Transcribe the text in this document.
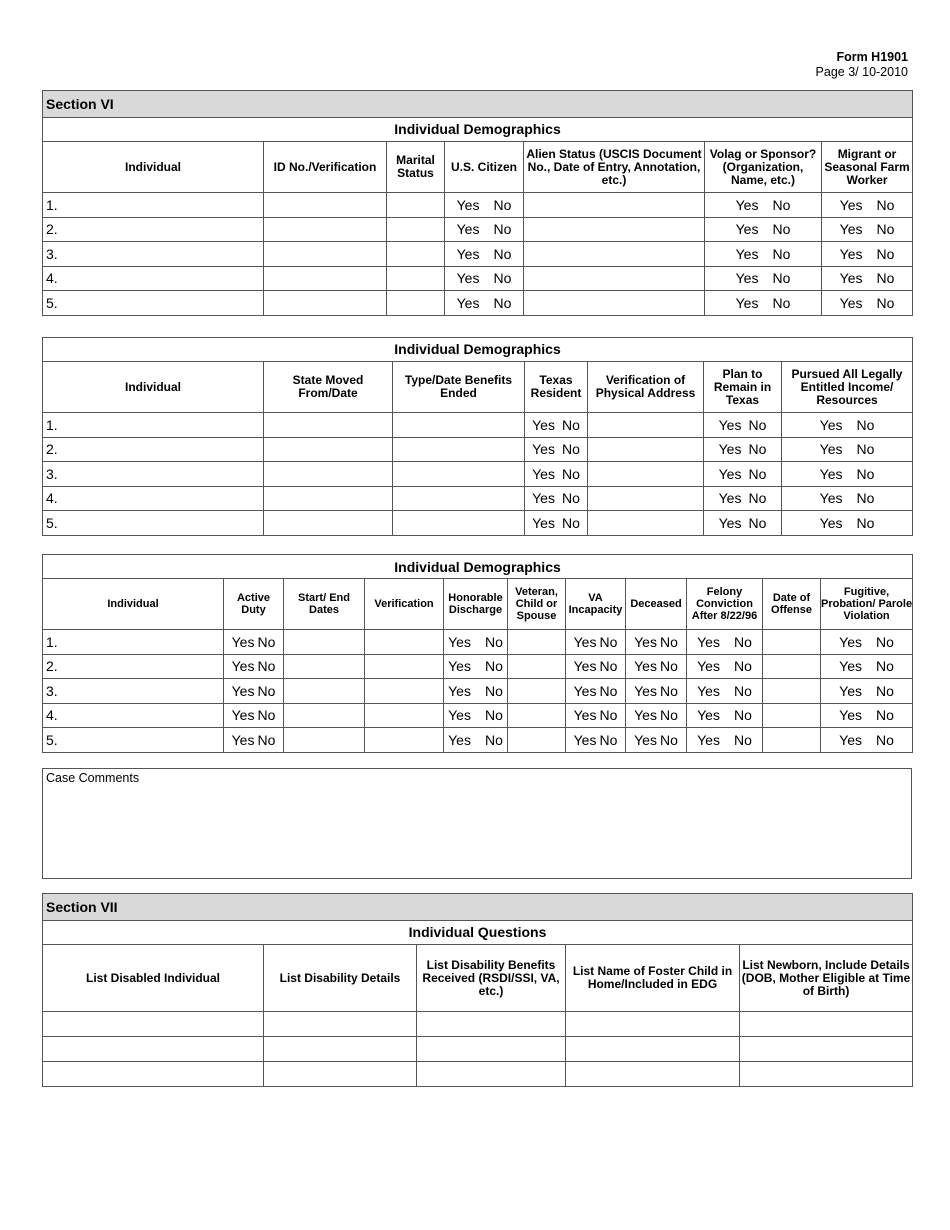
Form H1901
Page 3/ 10-2010
Section VI						
Individual Demographics						
Individual	ID No./Verification	Marital Status	U.S. Citizen	Alien Status (USCIS Document No., Date of Entry, Annotation, etc.)	Volag or Sponsor? (Organization, Name, etc.)	Migrant or Seasonal Farm Worker
1.			Yes No		Yes No	Yes No
2.			Yes No		Yes No	Yes No
3.			Yes No		Yes No	Yes No
4.			Yes No		Yes No	Yes No
5.			Yes No		Yes No	Yes No
Individual Demographics						
Individual	State Moved From/Date	Type/Date Benefits Ended	Texas Resident	Verification of Physical Address	Plan to Remain in Texas	Pursued All Legally Entitled Income/ Resources
1.			Yes No		Yes No	Yes No
2.			Yes No		Yes No	Yes No
3.			Yes No		Yes No	Yes No
4.			Yes No		Yes No	Yes No
5.			Yes No		Yes No	Yes No
Individual Demographics										
Individual	Active Duty	Start/ End Dates	Verification	Honorable Discharge	Veteran, Child or Spouse	VA Incapacity	Deceased	Felony Conviction After 8/22/96	Date of Offense	Fugitive, Probation/ Parole Violation
1.	Yes No			Yes No		Yes No	Yes No	Yes No		Yes No
2.	Yes No			Yes No		Yes No	Yes No	Yes No		Yes No
3.	Yes No			Yes No		Yes No	Yes No	Yes No		Yes No
4.	Yes No			Yes No		Yes No	Yes No	Yes No		Yes No
5.	Yes No			Yes No		Yes No	Yes No	Yes No		Yes No
Case Comments
Section VII				
Individual Questions				
List Disabled Individual	List Disability Details	List Disability Benefits Received (RSDI/SSI, VA, etc.)	List Name of Foster Child in Home/Included in EDG	List Newborn, Include Details (DOB, Mother Eligible at Time of Birth)
